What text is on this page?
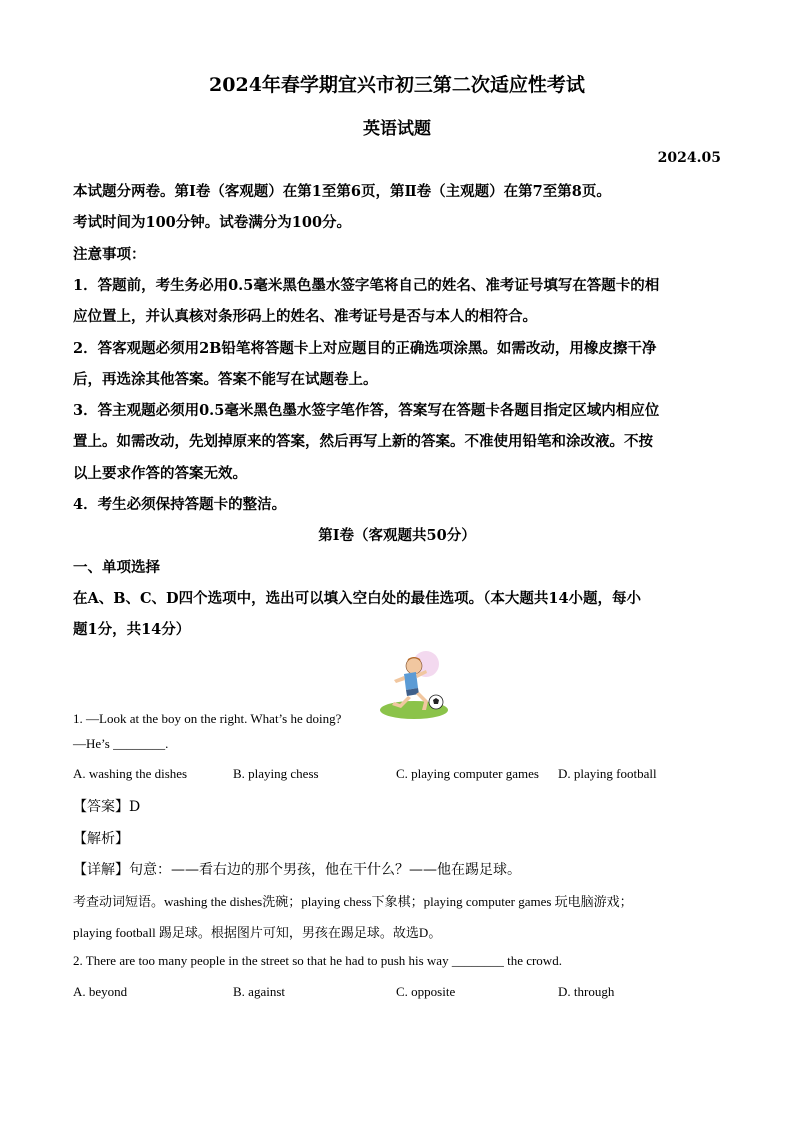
2024年春学期宜兴市初三第二次适应性考试
英语试题
2024.05
本试题分两卷。第Ⅰ卷（客观题）在第1至第6页，第Ⅱ卷（主观题）在第7至第8页。
考试时间为100分钟。试卷满分为100分。
注意事项：
1．答题前，考生务必用0.5毫米黑色墨水签字笔将自己的姓名、准考证号填写在答题卡的相
应位置上，并认真核对条形码上的姓名、准考证号是否与本人的相符合。
2．答客观题必须用2B铅笔将答题卡上对应题目的正确选项涂黑。如需改动，用橡皮擦干净
后，再选涂其他答案。答案不能写在试题卷上。
3．答主观题必须用0.5毫米黑色墨水签字笔作答，答案写在答题卡各题目指定区域内相应位
置上。如需改动，先划掉原来的答案，然后再写上新的答案。不准使用铅笔和涂改液。不按
以上要求作答的答案无效。
4．考生必须保持答题卡的整洁。
第Ⅰ卷（客观题共50分）
一、单项选择
在A、B、C、D四个选项中，选出可以填入空白处的最佳选项。（本大题共14小题，每小
题1分，共14分）
1. —Look at the boy on the right. What’s he doing?
—He’s ________.
A. washing the dishes	B. playing chess	C. playing computer games D. playing football
【答案】D
【解析】
【详解】句意：——看右边的那个男孩，他在干什么？——他在踢足球。
考查动词短语。washing the dishes洗碗；playing chess下象棋；playing computer games 玩电脑游戏；
playing football 踢足球。根据图片可知，男孩在踢足球。故选D。
2. There are too many people in the street so that he had to push his way ________ the crowd.
A. beyond	B. against	C. opposite	D. through
